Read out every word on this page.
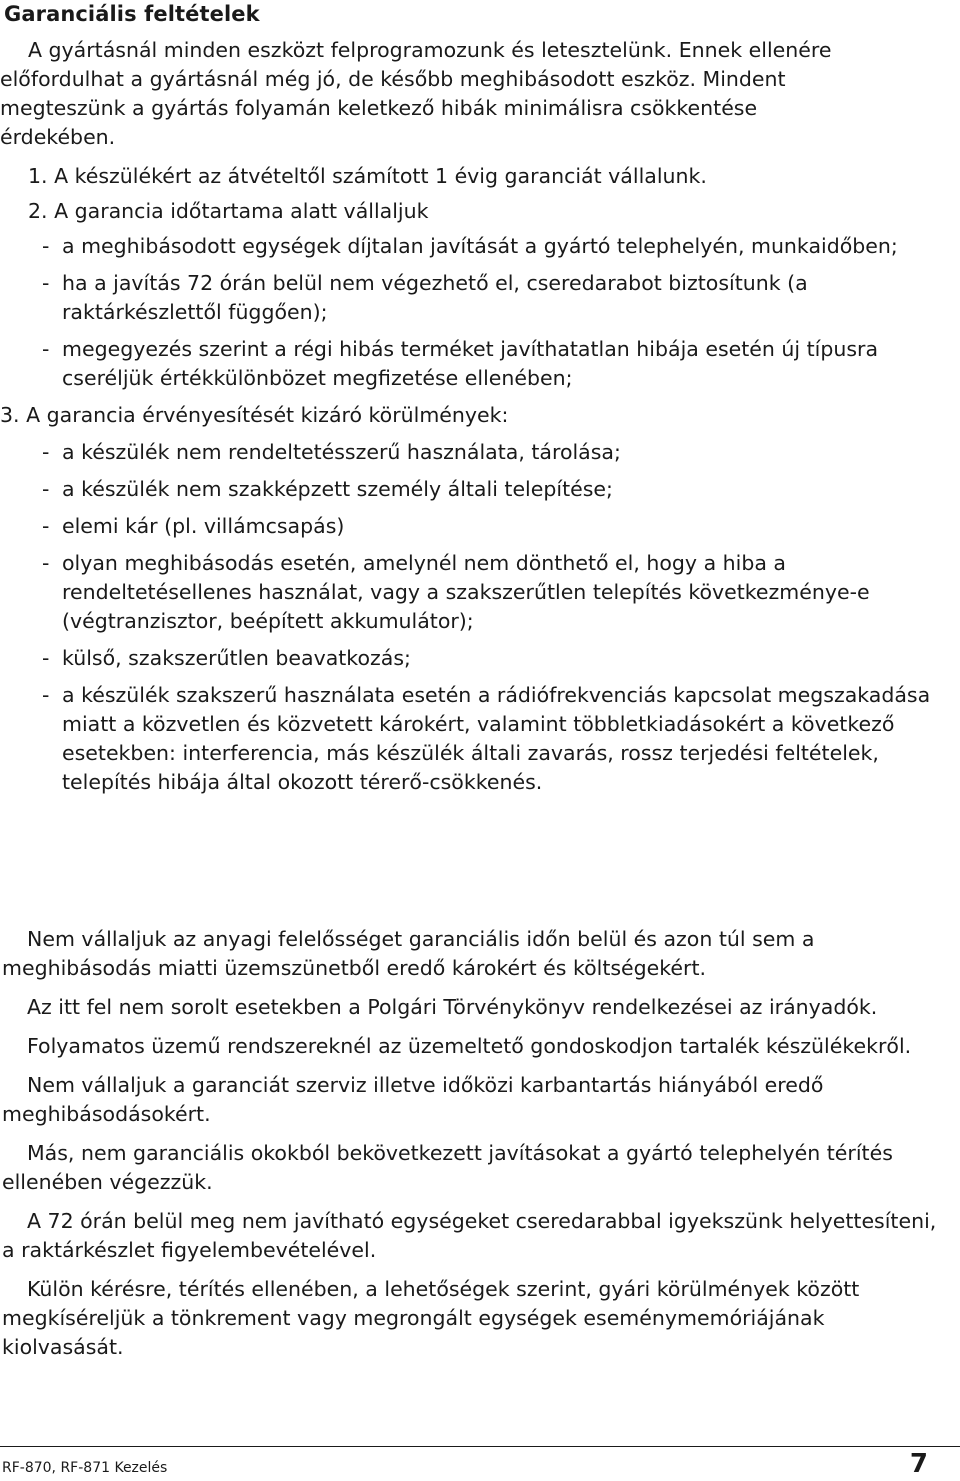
Garanciális feltételek
A gyártásnál minden eszközt felprogramozunk és letesztelünk. Ennek ellenére
előfordulhat a gyártásnál még jó, de később meghibásodott eszköz. Mindent
megteszünk a gyártás folyamán keletkező hibák minimálisra csökkentése
érdekében.
1. A készülékért az átvételtől számított 1 évig garanciát vállalunk.
2. A garancia időtartama alatt vállaljuk
- a meghibásodott egységek díjtalan javítását a gyártó telephelyén, munkaidőben;
- ha a javítás 72 órán belül nem végezhető el, cseredarabot biztosítunk (a raktárkészlettől függően);
- megegyezés szerint a régi hibás terméket javíthatatlan hibája esetén új típusra cseréljük értékkülönbözet megfizetése ellenében;
3. A garancia érvényesítését kizáró körülmények:
- a készülék nem rendeltetésszerű használata, tárolása;
- a készülék nem szakképzett személy általi telepítése;
- elemi kár (pl. villámcsapás)
- olyan meghibásodás esetén, amelynél nem dönthető el, hogy a hiba a rendeltetésellenes használat, vagy a szakszerűtlen telepítés következménye-e (végtranzisztor, beépített akkumulátor);
- külső, szakszerűtlen beavatkozás;
- a készülék szakszerű használata esetén a rádiófrekvenciás kapcsolat megszakadása miatt a közvetlen és közvetett károkért, valamint többletkiadásokért a következő esetekben: interferencia, más készülék általi zavarás, rossz terjedési feltételek, telepítés hibája által okozott térerő-csökkenés.

Nem vállaljuk az anyagi felelősséget garanciális időn belül és azon túl sem a meghibásodás miatti üzemszünetből eredő károkért és költségekért.

Az itt fel nem sorolt esetekben a Polgári Törvénykönyv rendelkezései az irányadók.

Folyamatos üzemű rendszereknél az üzemeltető gondoskodjon tartalék készülékekről.

Nem vállaljuk a garanciát szerviz illetve időközi karbantartás hiányából eredő meghibásodásokért.

Más, nem garanciális okokból bekövetkezett javításokat a gyártó telephelyén térítés ellenében végezzük.

A 72 órán belül meg nem javítható egységeket cseredarabbal igyekszünk helyettesíteni, a raktárkészlet figyelembevételével.

Külön kérésre, térítés ellenében, a lehetőségek szerint, gyári körülmények között megkíséreljük a tönkrement vagy megrongált egységek eseménymemóriájának kiolvasását.

RF-870, RF-871 Kezelés	7
